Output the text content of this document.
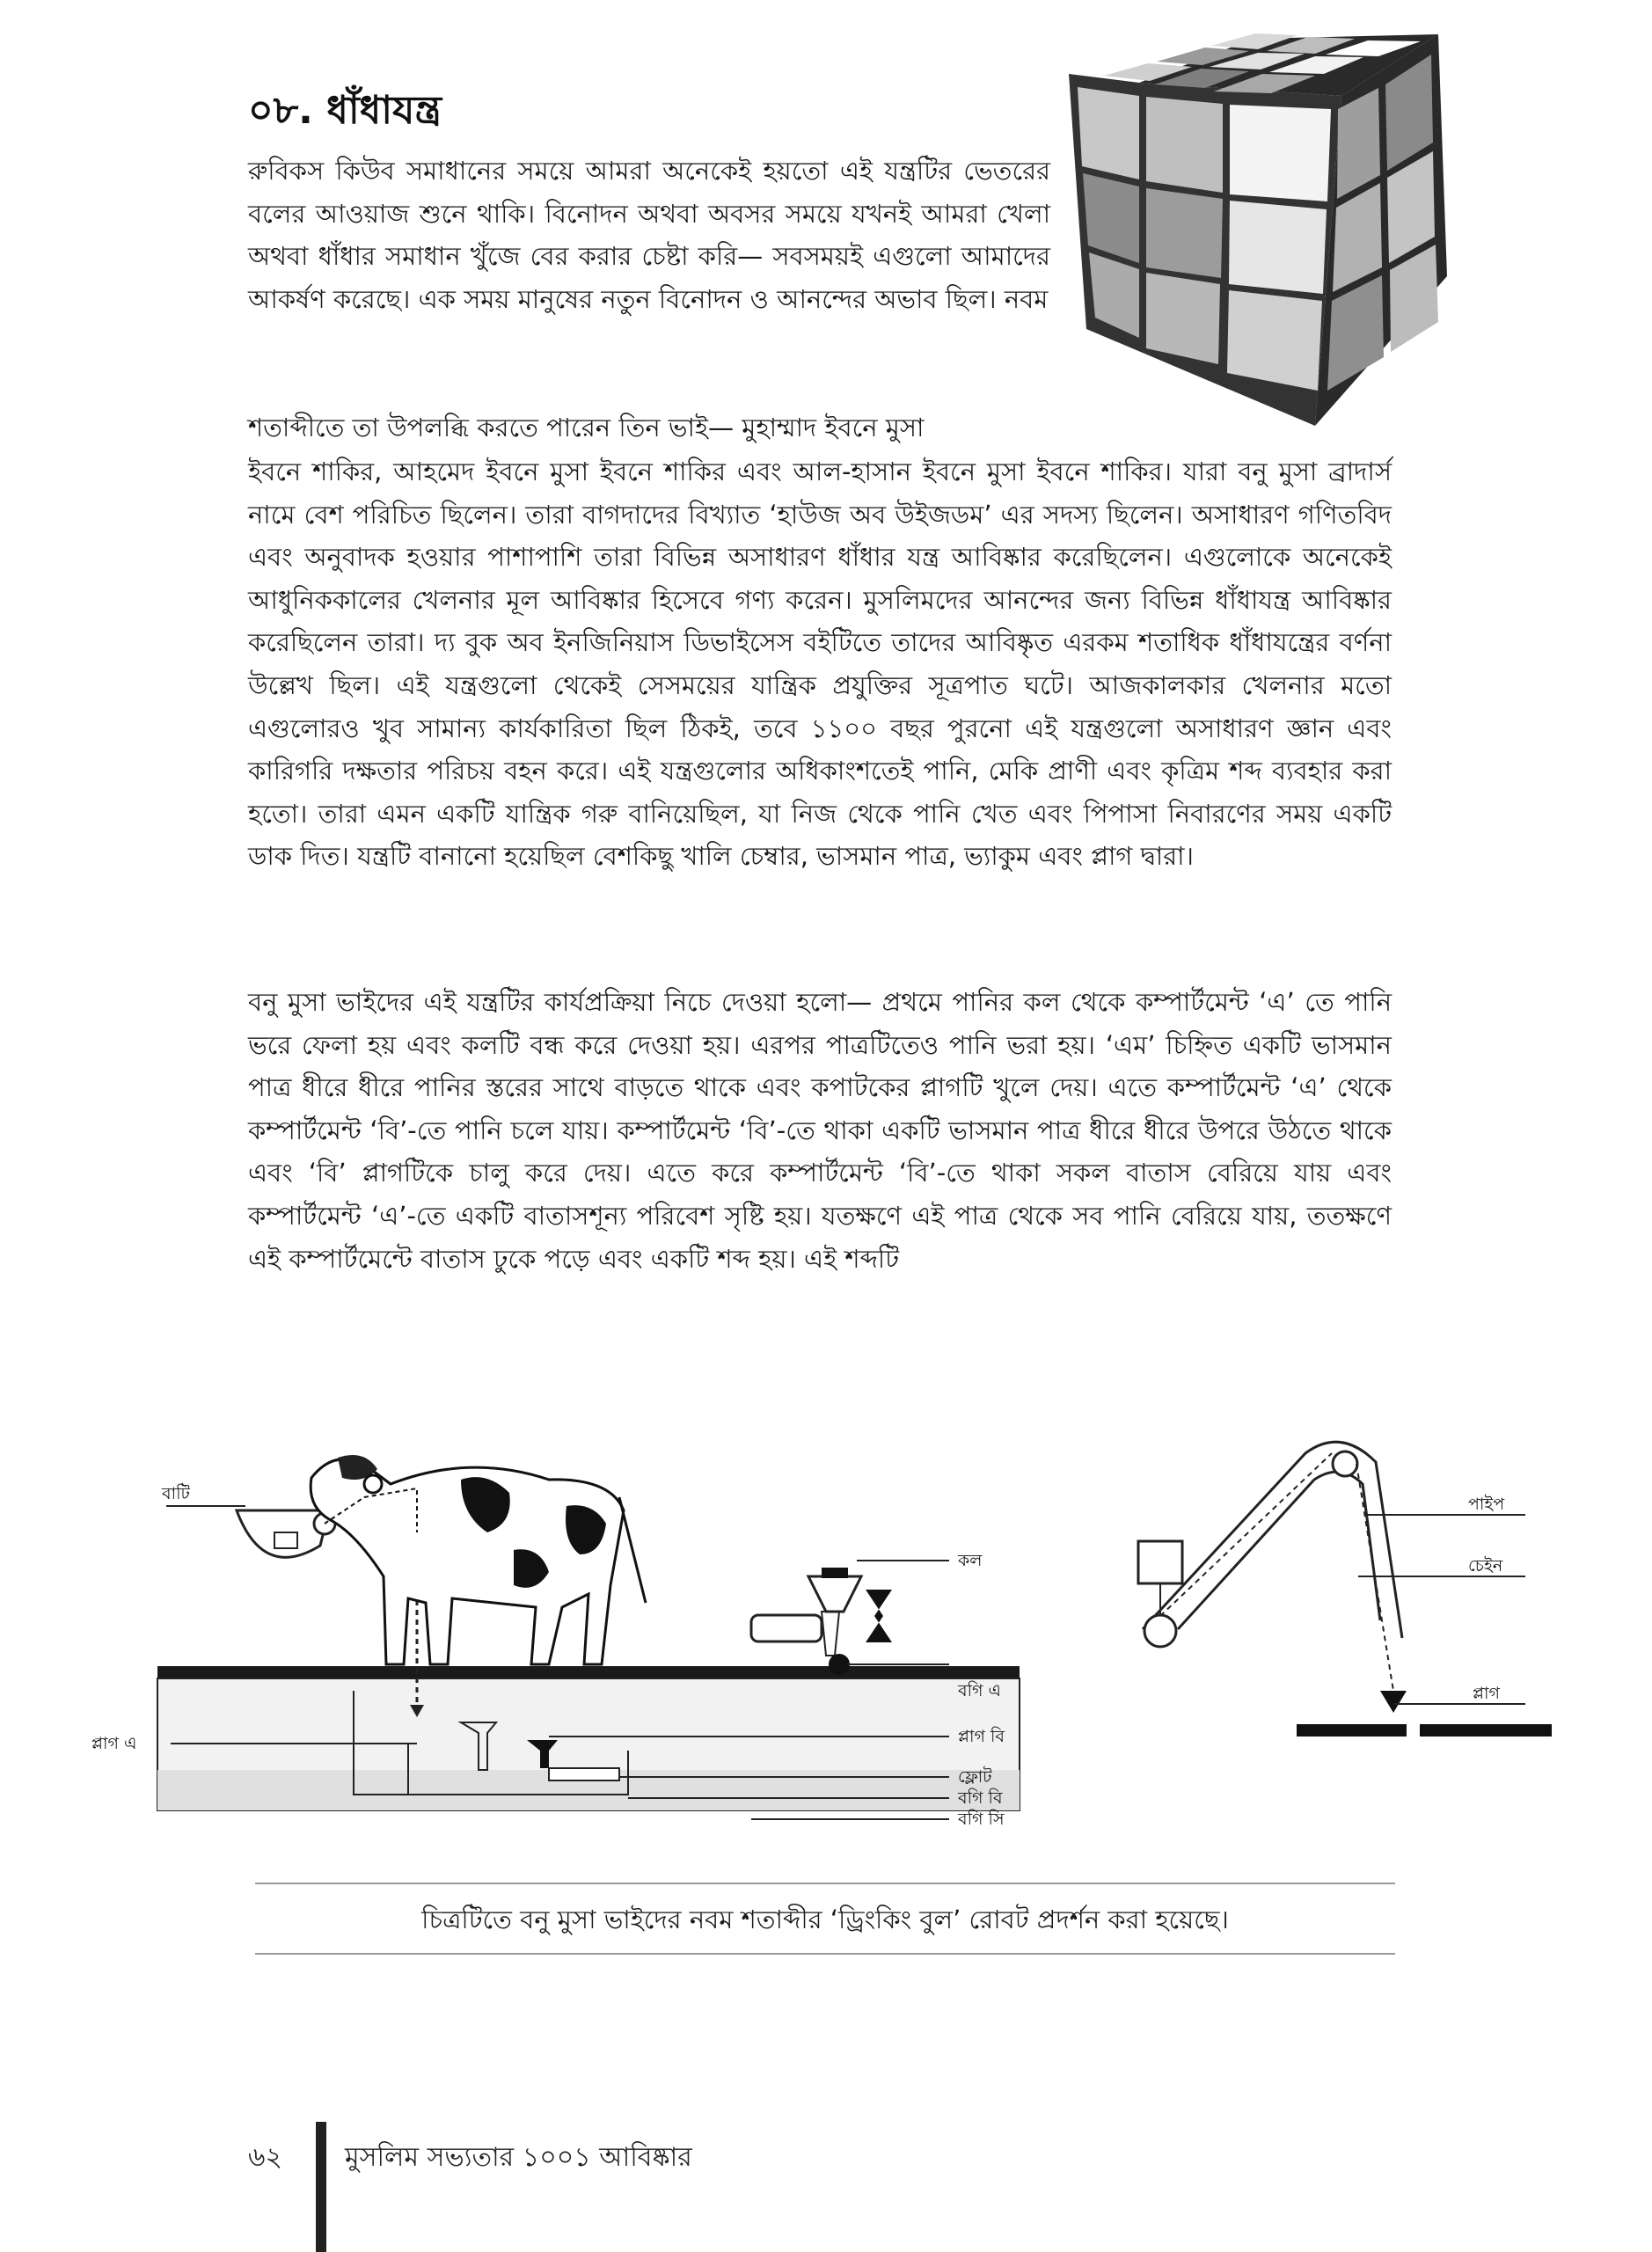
০৮. ধাঁধাযন্ত্র
রুবিকস কিউব সমাধানের সময়ে আমরা অনেকেই হয়তো এই যন্ত্রটির ভেতরের বলের আওয়াজ শুনে থাকি। বিনোদন অথবা অবসর সময়ে যখনই আমরা খেলা অথবা ধাঁধার সমাধান খুঁজে বের করার চেষ্টা করি— সবসময়ই এগুলো আমাদের আকর্ষণ করেছে। এক সময় মানুষের নতুন বিনোদন ও আনন্দের অভাব ছিল। নবম
শতাব্দীতে তা উপলব্ধি করতে পারেন তিন ভাই— মুহাম্মাদ ইবনে মুসা
ইবনে শাকির, আহমেদ ইবনে মুসা ইবনে শাকির এবং আল-হাসান ইবনে মুসা ইবনে শাকির। যারা বনু মুসা ব্রাদার্স নামে বেশ পরিচিত ছিলেন। তারা বাগদাদের বিখ্যাত ‘হাউজ অব উইজডম’ এর সদস্য ছিলেন। অসাধারণ গণিতবিদ এবং অনুবাদক হওয়ার পাশাপাশি তারা বিভিন্ন অসাধারণ ধাঁধার যন্ত্র আবিষ্কার করেছিলেন। এগুলোকে অনেকেই আধুনিককালের খেলনার মূল আবিষ্কার হিসেবে গণ্য করেন। মুসলিমদের আনন্দের জন্য বিভিন্ন ধাঁধাযন্ত্র আবিষ্কার করেছিলেন তারা। দ্য বুক অব ইনজিনিয়াস ডিভাইসেস বইটিতে তাদের আবিষ্কৃত এরকম শতাধিক ধাঁধাযন্ত্রের বর্ণনা উল্লেখ ছিল। এই যন্ত্রগুলো থেকেই সেসময়ের যান্ত্রিক প্রযুক্তির সূত্রপাত ঘটে। আজকালকার খেলনার মতো এগুলোরও খুব সামান্য কার্যকারিতা ছিল ঠিকই, তবে ১১০০ বছর পুরনো এই যন্ত্রগুলো অসাধারণ জ্ঞান এবং কারিগরি দক্ষতার পরিচয় বহন করে। এই যন্ত্রগুলোর অধিকাংশতেই পানি, মেকি প্রাণী এবং কৃত্রিম শব্দ ব্যবহার করা হতো। তারা এমন একটি যান্ত্রিক গরু বানিয়েছিল, যা নিজ থেকে পানি খেত এবং পিপাসা নিবারণের সময় একটি ডাক দিত। যন্ত্রটি বানানো হয়েছিল বেশকিছু খালি চেম্বার, ভাসমান পাত্র, ভ্যাকুম এবং প্লাগ দ্বারা।
বনু মুসা ভাইদের এই যন্ত্রটির কার্যপ্রক্রিয়া নিচে দেওয়া হলো— প্রথমে পানির কল থেকে কম্পার্টমেন্ট ‘এ’ তে পানি ভরে ফেলা হয় এবং কলটি বন্ধ করে দেওয়া হয়। এরপর পাত্রটিতেও পানি ভরা হয়। ‘এম’ চিহ্নিত একটি ভাসমান পাত্র ধীরে ধীরে পানির স্তরের সাথে বাড়তে থাকে এবং কপাটকের প্লাগটি খুলে দেয়। এতে কম্পার্টমেন্ট ‘এ’ থেকে কম্পার্টমেন্ট ‘বি’-তে পানি চলে যায়। কম্পার্টমেন্ট ‘বি’-তে থাকা একটি ভাসমান পাত্র ধীরে ধীরে উপরে উঠতে থাকে এবং ‘বি’ প্লাগটিকে চালু করে দেয়। এতে করে কম্পার্টমেন্ট ‘বি’-তে থাকা সকল বাতাস বেরিয়ে যায় এবং কম্পার্টমেন্ট ‘এ’-তে একটি বাতাসশূন্য পরিবেশ সৃষ্টি হয়। যতক্ষণে এই পাত্র থেকে সব পানি বেরিয়ে যায়, ততক্ষণে এই কম্পার্টমেন্টে বাতাস ঢুকে পড়ে এবং একটি শব্দ হয়। এই শব্দটি
বাটি
কল
বগি এ
প্লাগ বি
প্লাগ এ
ফ্লোট
বগি বি
বগি সি
পাইপ
চেইন
প্লাগ
চিত্রটিতে বনু মুসা ভাইদের নবম শতাব্দীর ‘ড্রিংকিং বুল’ রোবট প্রদর্শন করা হয়েছে।
৬২ মুসলিম সভ্যতার ১০০১ আবিষ্কার
